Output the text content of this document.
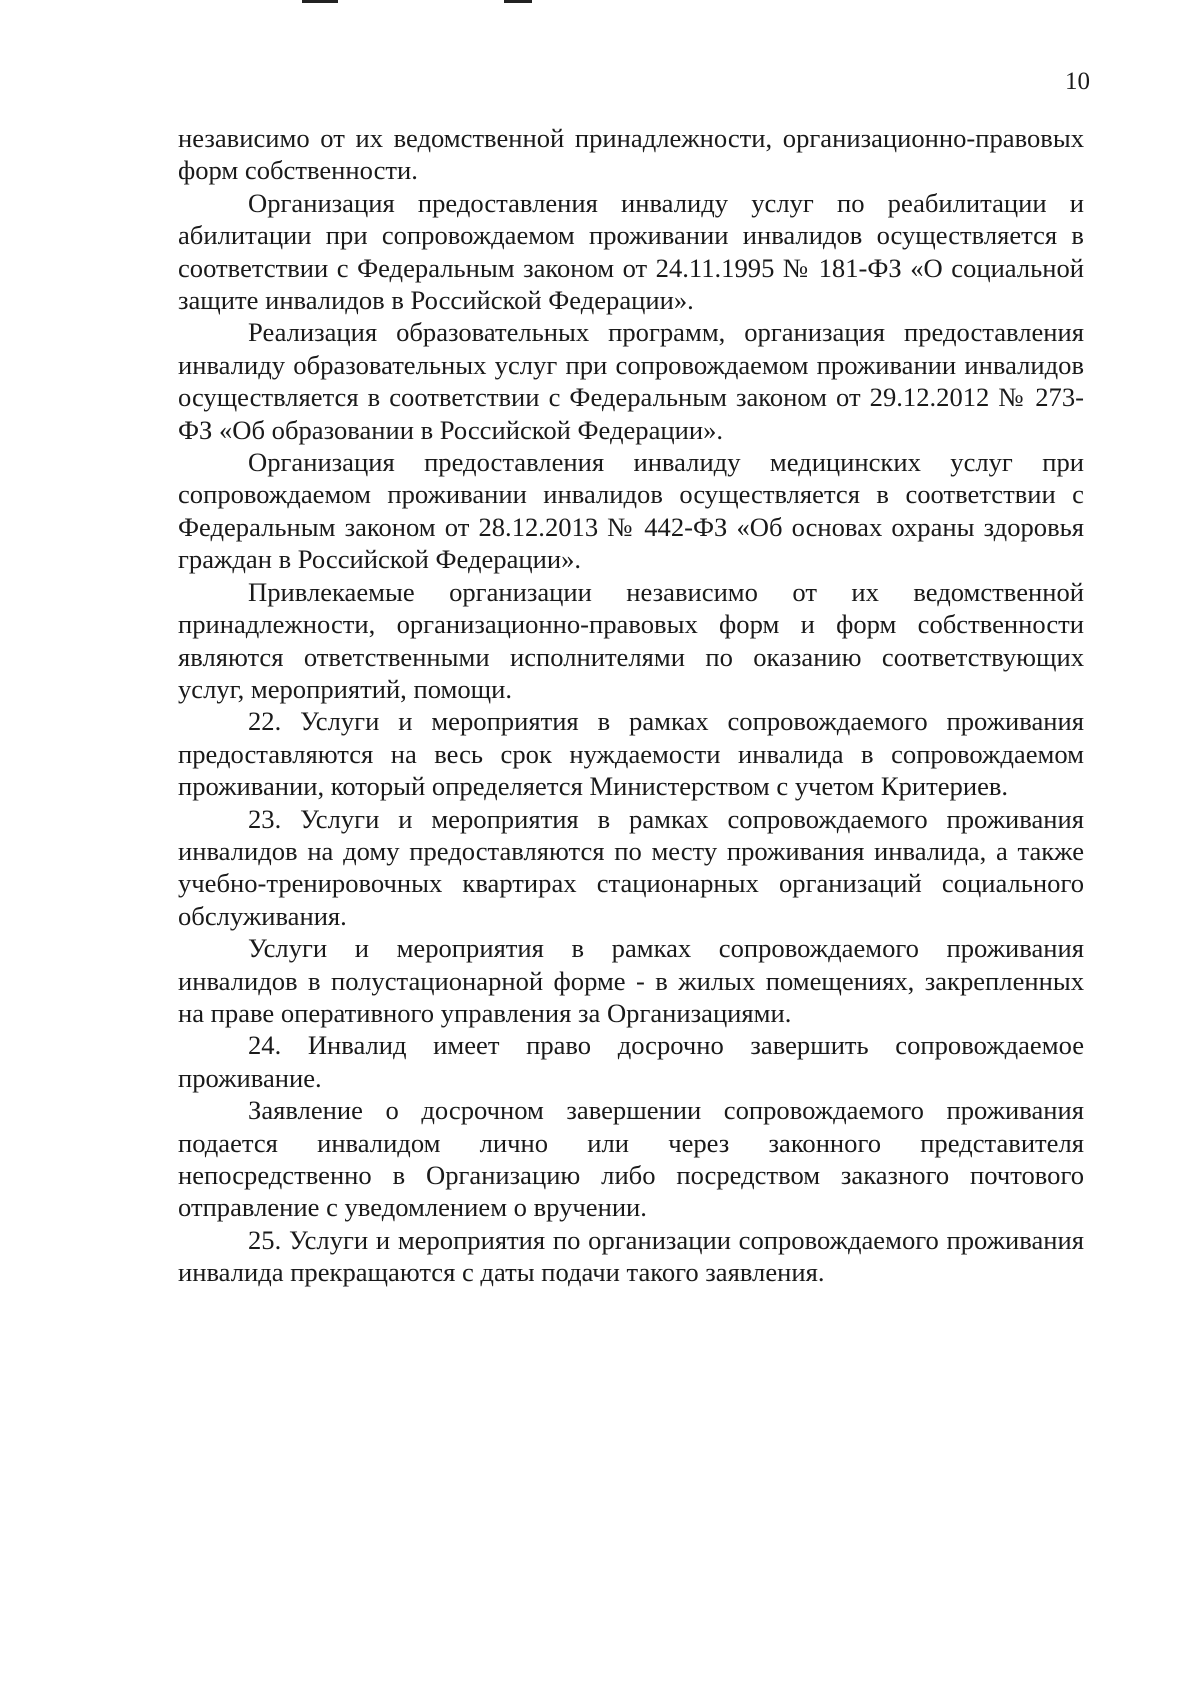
10

независимо от их ведомственной принадлежности, организационно-правовых форм собственности.

Организация предоставления инвалиду услуг по реабилитации и абилитации при сопровождаемом проживании инвалидов осуществляется в соответствии с Федеральным законом от 24.11.1995 № 181-ФЗ «О социальной защите инвалидов в Российской Федерации».

Реализация образовательных программ, организация предоставления инвалиду образовательных услуг при сопровождаемом проживании инвалидов осуществляется в соответствии с Федеральным законом от 29.12.2012 № 273-ФЗ «Об образовании в Российской Федерации».

Организация предоставления инвалиду медицинских услуг при сопровождаемом проживании инвалидов осуществляется в соответствии с Федеральным законом от 28.12.2013 № 442-ФЗ «Об основах охраны здоровья граждан в Российской Федерации».

Привлекаемые организации независимо от их ведомственной принадлежности, организационно-правовых форм и форм собственности являются ответственными исполнителями по оказанию соответствующих услуг, мероприятий, помощи.

22. Услуги и мероприятия в рамках сопровождаемого проживания предоставляются на весь срок нуждаемости инвалида в сопровождаемом проживании, который определяется Министерством с учетом Критериев.

23. Услуги и мероприятия в рамках сопровождаемого проживания инвалидов на дому предоставляются по месту проживания инвалида, а также учебно-тренировочных квартирах стационарных организаций социального обслуживания.

Услуги и мероприятия в рамках сопровождаемого проживания инвалидов в полустационарной форме - в жилых помещениях, закрепленных на праве оперативного управления за Организациями.

24. Инвалид имеет право досрочно завершить сопровождаемое проживание.

Заявление о досрочном завершении сопровождаемого проживания подается инвалидом лично или через законного представителя непосредственно в Организацию либо посредством заказного почтового отправление с уведомлением о вручении.

25. Услуги и мероприятия по организации сопровождаемого проживания инвалида прекращаются с даты подачи такого заявления.
